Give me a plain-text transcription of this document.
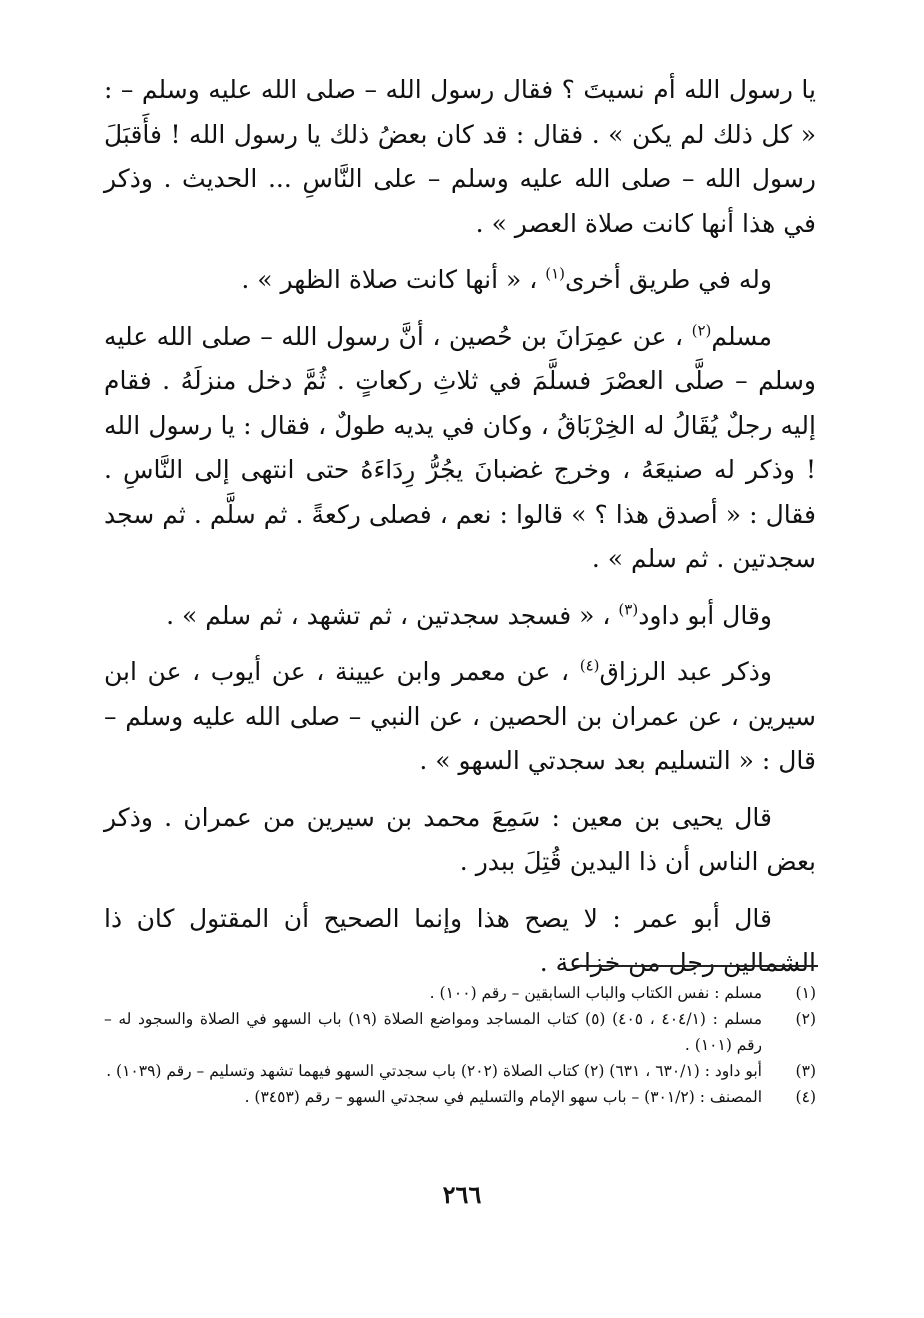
يا رسول الله أم نسيتَ ؟ فقال رسول الله – صلى الله عليه وسلم – : « كل ذلك لم يكن » . فقال : قد كان بعضُ ذلك يا رسول الله ! فأَقبَلَ رسول الله – صلى الله عليه وسلم – على النَّاسِ ... الحديث . وذكر في هذا أنها كانت صلاة العصر » .

وله في طريق أخرى$^{(١)}$ ، « أنها كانت صلاة الظهر » .

مسلم$^{(٢)}$ ، عن عمِرَانَ بن حُصين ، أنَّ رسول الله – صلى الله عليه وسلم – صلَّى العصْرَ فسلَّمَ في ثلاثِ ركعاتٍ . ثُمَّ دخل منزلَهُ . فقام إليه رجلٌ يُقَالُ له الخِرْبَاقُ ، وكان في يديه طولٌ ، فقال : يا رسول الله ! وذكر له صنيعَهُ ، وخرج غضبانَ يجُرُّ رِدَاءَهُ حتى انتهى إلى النَّاسِ . فقال : « أصدق هذا ؟ » قالوا : نعم ، فصلى ركعةً . ثم سلَّم . ثم سجد سجدتين . ثم سلم » .

وقال أبو داود$^{(٣)}$ ، « فسجد سجدتين ، ثم تشهد ، ثم سلم » .

وذكر عبد الرزاق$^{(٤)}$ ، عن معمر وابن عيينة ، عن أيوب ، عن ابن سيرين ، عن عمران بن الحصين ، عن النبي – صلى الله عليه وسلم – قال : « التسليم بعد سجدتي السهو » .

قال يحيى بن معين : سَمِعَ محمد بن سيرين من عمران . وذكر بعض الناس أن ذا اليدين قُتِلَ ببدر .

قال أبو عمر : لا يصح هذا وإنما الصحيح أن المقتول كان ذا الشمالين رجل من خزاعة .

(١)
مسلم : نفس الكتاب والباب السابقين – رقم (١٠٠) .

(٢)
مسلم : (٤٠٤/١ ، ٤٠٥) (٥) كتاب المساجد ومواضع الصلاة (١٩) باب السهو في الصلاة والسجود له – رقم (١٠١) .

(٣)
أبو داود : (٦٣٠/١ ، ٦٣١) (٢) كتاب الصلاة (٢٠٢) باب سجدتي السهو فيهما تشهد وتسليم – رقم (١٠٣٩) .

(٤)
المصنف : (٣٠١/٢) – باب سهو الإمام والتسليم في سجدتي السهو – رقم (٣٤٥٣) .

٢٦٦
